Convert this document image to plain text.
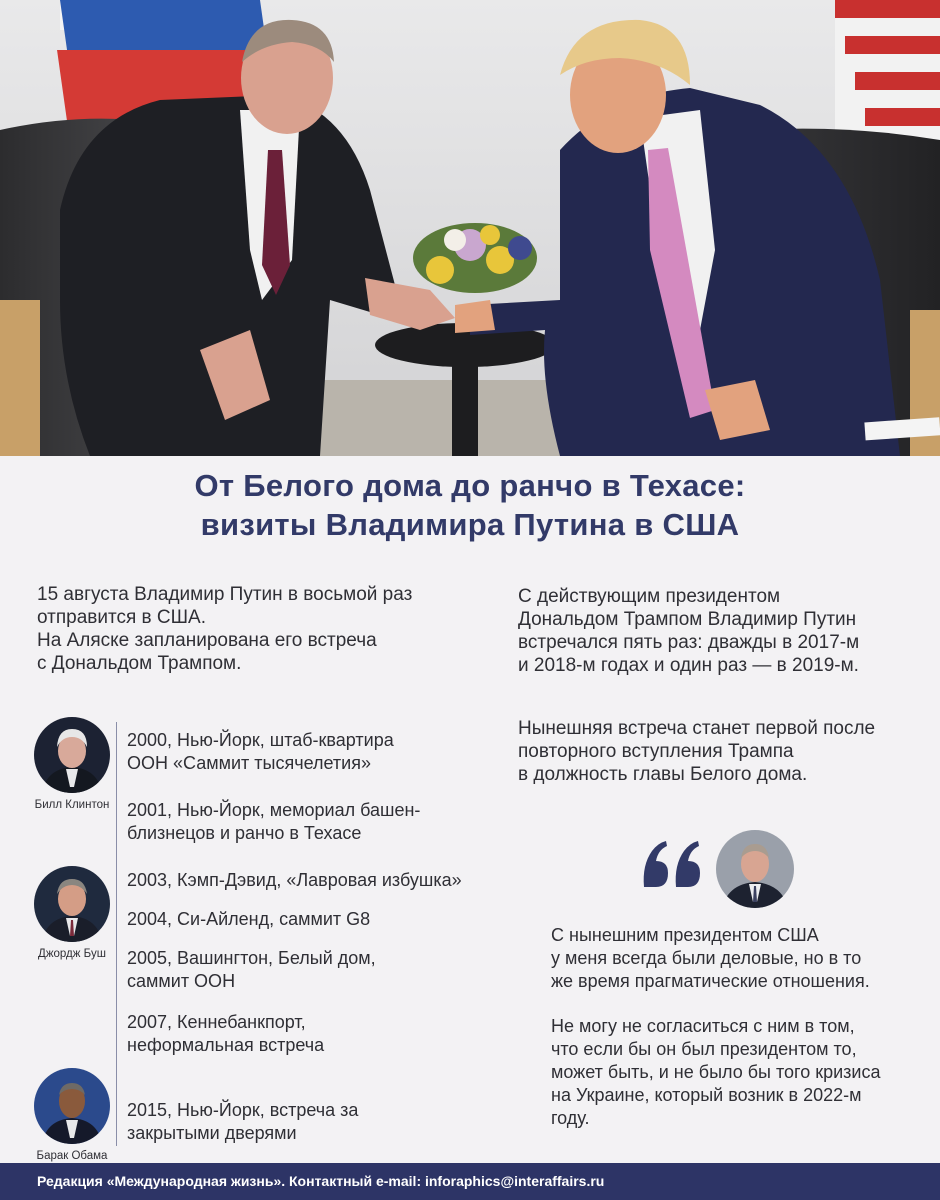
От Белого дома до ранчо в Техасе:
визиты Владимира Путина в США
15 августа Владимир Путин в восьмой раз
отправится в США.
На Аляске запланирована его встреча
с Дональдом Трампом.
С действующим президентом
Дональдом Трампом Владимир Путин
встречался пять раз: дважды в 2017-м
и 2018-м годах и один раз — в 2019-м.
Нынешняя встреча станет первой после
повторного вступления Трампа
в должность главы Белого дома.
Билл Клинтон
Джордж Буш
Барак Обама
2000, Нью-Йорк, штаб-квартира
ООН «Саммит тысячелетия»
2001, Нью-Йорк, мемориал башен-
близнецов и ранчо в Техасе
2003, Кэмп-Дэвид, «Лавровая избушка»
2004, Си-Айленд, саммит G8
2005, Вашингтон, Белый дом,
саммит ООН
2007, Кеннебанкпорт,
неформальная встреча
2015, Нью-Йорк, встреча за
закрытыми дверями
С нынешним президентом США
у меня всегда были деловые, но в то
же время прагматические отношения.
Не могу не согласиться с ним в том,
что если бы он был президентом то,
может быть, и не было бы того кризиса
на Украине, который возник в 2022-м
году.
Редакция «Международная жизнь». Контактный e-mail: inforaphics@interaffairs.ru
